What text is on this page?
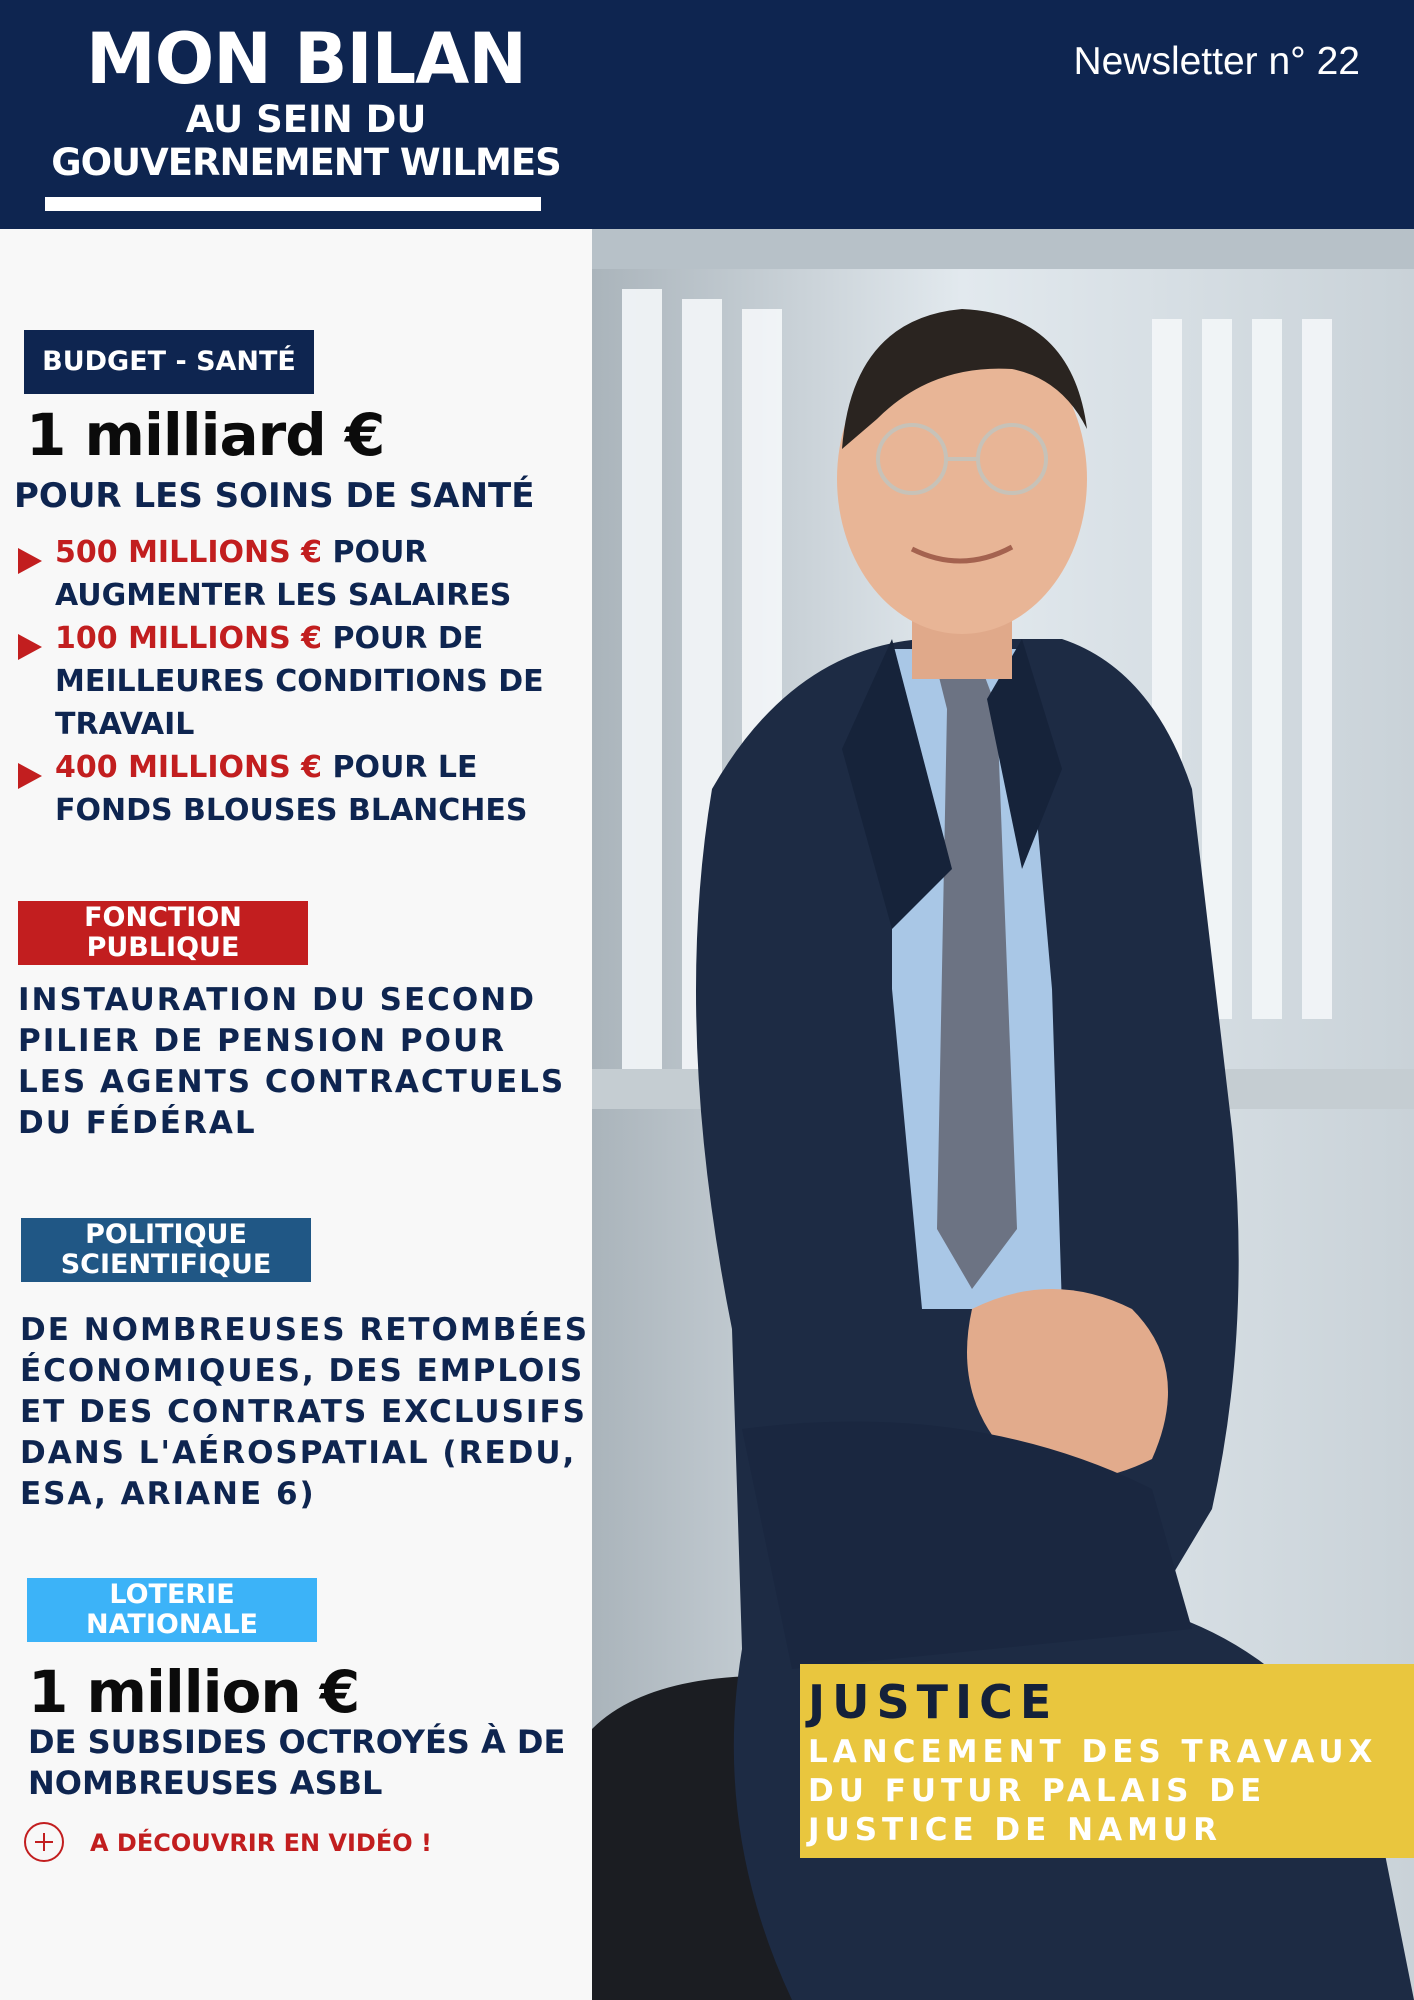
MON BILAN
AU SEIN DU
GOUVERNEMENT WILMES
Newsletter n° 22
BUDGET - SANTÉ
1 milliard €
POUR LES SOINS DE SANTÉ
500 MILLIONS € POUR AUGMENTER LES SALAIRES
100 MILLIONS € POUR DE MEILLEURES CONDITIONS DE TRAVAIL
400 MILLIONS € POUR LE FONDS BLOUSES BLANCHES
FONCTION
PUBLIQUE
INSTAURATION DU SECOND PILIER DE PENSION POUR LES AGENTS CONTRACTUELS DU FÉDÉRAL
POLITIQUE
SCIENTIFIQUE
DE NOMBREUSES RETOMBÉES ÉCONOMIQUES, DES EMPLOIS ET DES CONTRATS EXCLUSIFS DANS L'AÉROSPATIAL (REDU, ESA, ARIANE 6)
LOTERIE
NATIONALE
1 million €
DE SUBSIDES OCTROYÉS À DE NOMBREUSES ASBL
A DÉCOUVRIR EN VIDÉO !
JUSTICE
LANCEMENT DES TRAVAUX DU FUTUR PALAIS DE JUSTICE DE NAMUR
